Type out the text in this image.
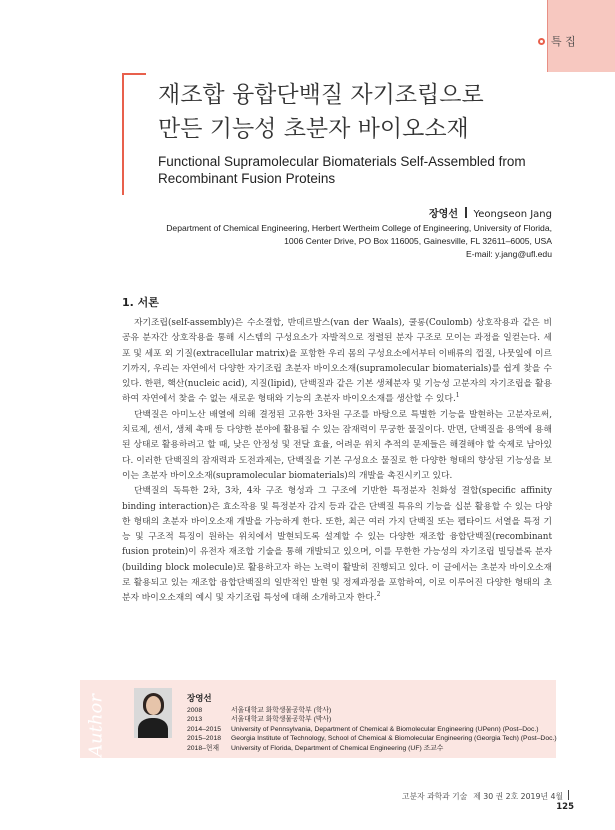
특 집
재조합 융합단백질 자기조립으로
만든 기능성 초분자 바이오소재
Functional Supramolecular Biomaterials Self-Assembled from
Recombinant Fusion Proteins
장영선 Yeongseon Jang
Department of Chemical Engineering, Herbert Wertheim College of Engineering, University of Florida,
1006 Center Drive, PO Box 116005, Gainesville, FL 32611–6005, USA
E-mail: y.jang@ufl.edu
1. 서론

자기조립(self-assembly)은 수소결합, 반데르발스(van der Waals), 쿨롱(Coulomb) 상호작용과 같은 비 공유 분자간 상호작용을 통해 시스템의 구성요소가 자발적으로 정렬된 분자 구조로 모이는 과정을 일컫는다. 세포 및 세포 외 기질(extracellular matrix)을 포함한 우리 몸의 구성요소에서부터 이배류의 껍질, 나뭇잎에 이르기까지, 우리는 자연에서 다양한 자기조립 초분자 바이오소재(supramolecular biomaterials)를 쉽게 찾을 수 있다. 한편, 핵산(nucleic acid), 지질(lipid), 단백질과 같은 기본 생체분자 및 기능성 고분자의 자기조립을 활용하여 자연에서 찾을 수 없는 새로운 형태와 기능의 초분자 바이오소재를 생산할 수 있다.$^1$

단백질은 아미노산 배열에 의해 결정된 고유한 3차원 구조를 바탕으로 특별한 기능을 발현하는 고분자로써, 치료제, 센서, 생체 촉매 등 다양한 분야에 활용될 수 있는 잠재력이 무궁한 물질이다. 반면, 단백질을 용액에 용해된 상태로 활용하려고 할 때, 낮은 안정성 및 전달 효율, 어려운 위치 추적의 문제들은 해결해야 할 숙제로 남아있다. 이러한 단백질의 잠재력과 도전과제는, 단백질을 기본 구성요소 물질로 한 다양한 형태의 향상된 기능성을 보이는 초분자 바이오소재(supramolecular biomaterials)의 개발을 촉진시키고 있다.

단백질의 독특한 2차, 3차, 4차 구조 형성과 그 구조에 기반한 특정분자 친화성 결합(specific affinity binding interaction)은 효소작용 및 특정분자 감지 등과 같은 단백질 특유의 기능을 십분 활용할 수 있는 다양한 형태의 초분자 바이오소재 개발을 가능하게 한다. 또한, 최근 여러 가지 단백질 또는 펩타이드 서열을 특정 기능 및 구조적 특징이 원하는 위치에서 발현되도록 설계할 수 있는 다양한 재조합 융합단백질(recombinant fusion protein)이 유전자 재조합 기술을 통해 개발되고 있으며, 이를 무한한 가능성의 자기조립 빌딩블록 분자(building block molecule)로 활용하고자 하는 노력이 활발히 진행되고 있다. 이 글에서는 초분자 바이오소재로 활용되고 있는 재조합 융합단백질의 일반적인 발현 및 정제과정을 포함하여, 이로 이루어진 다양한 형태의 초분자 바이오소재의 예시 및 자기조립 특성에 대해 소개하고자 한다.$^2$

Author	장영선
2008	서울대학교 화학생물공학부 (학사)
2013	서울대학교 화학생물공학부 (박사)
2014–2015	University of Pennsylvania, Department of Chemical & Biomolecular Engineering (UPenn) (Post–Doc.)
2015–2018	Georgia Institute of Technology, School of Chemical & Biomolecular Engineering (Georgia Tech) (Post–Doc.)
2018–현재	University of Florida, Department of Chemical Engineering (UF) 조교수
고분자 과학과 기술 제 30 권 2호 2019년 4월125
